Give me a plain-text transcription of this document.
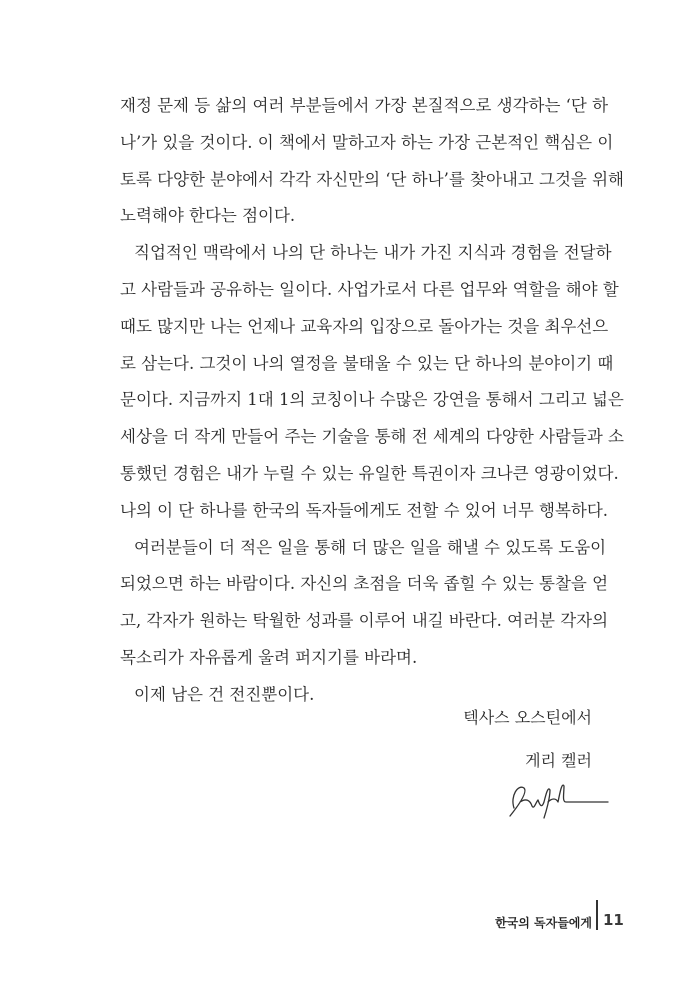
재정 문제 등 삶의 여러 부분들에서 가장 본질적으로 생각하는 ‘단 하
나’가 있을 것이다. 이 책에서 말하고자 하는 가장 근본적인 핵심은 이
토록 다양한 분야에서 각각 자신만의 ‘단 하나’를 찾아내고 그것을 위해
노력해야 한다는 점이다.
직업적인 맥락에서 나의 단 하나는 내가 가진 지식과 경험을 전달하
고 사람들과 공유하는 일이다. 사업가로서 다른 업무와 역할을 해야 할
때도 많지만 나는 언제나 교육자의 입장으로 돌아가는 것을 최우선으
로 삼는다. 그것이 나의 열정을 불태울 수 있는 단 하나의 분야이기 때
문이다. 지금까지 1대 1의 코칭이나 수많은 강연을 통해서 그리고 넓은
세상을 더 작게 만들어 주는 기술을 통해 전 세계의 다양한 사람들과 소
통했던 경험은 내가 누릴 수 있는 유일한 특권이자 크나큰 영광이었다.
나의 이 단 하나를 한국의 독자들에게도 전할 수 있어 너무 행복하다.
여러분들이 더 적은 일을 통해 더 많은 일을 해낼 수 있도록 도움이
되었으면 하는 바람이다. 자신의 초점을 더욱 좁힐 수 있는 통찰을 얻
고, 각자가 원하는 탁월한 성과를 이루어 내길 바란다. 여러분 각자의
목소리가 자유롭게 울려 퍼지기를 바라며.
이제 남은 건 전진뿐이다.
텍사스 오스틴에서
게리 켈러
한국의 독자들에게 11
